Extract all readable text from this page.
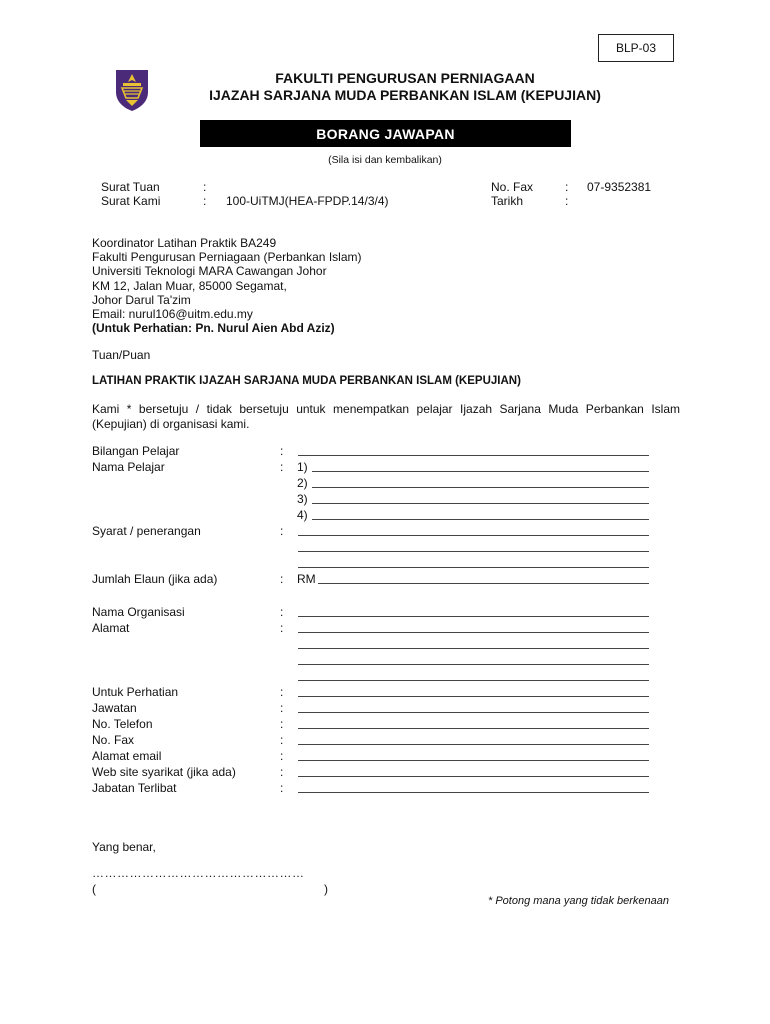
BLP-03
FAKULTI PENGURUSAN PERNIAGAAN
IJAZAH SARJANA MUDA PERBANKAN ISLAM (KEPUJIAN)
BORANG JAWAPAN
(Sila isi dan kembalikan)
Surat Tuan	:
Surat Kami	: 100-UiTMJ(HEA-FPDP.14/3/4)
No. Fax	: 07-9352381
Tarikh	:
Koordinator Latihan Praktik BA249
Fakulti Pengurusan Perniagaan (Perbankan Islam)
Universiti Teknologi MARA Cawangan Johor
KM 12, Jalan Muar, 85000 Segamat,
Johor Darul Ta'zim
Email: nurul106@uitm.edu.my
(Untuk Perhatian: Pn. Nurul Aien Abd Aziz)
Tuan/Puan
LATIHAN PRAKTIK IJAZAH SARJANA MUDA PERBANKAN ISLAM (KEPUJIAN)
Kami * bersetuju / tidak bersetuju untuk menempatkan pelajar Ijazah Sarjana Muda Perbankan Islam (Kepujian) di organisasi kami.
Bilangan Pelajar	:
Nama Pelajar	: 1)
2)
3)
4)
Syarat / penerangan	:
Jumlah Elaun (jika ada)	: RM
Nama Organisasi	:
Alamat	:
Untuk Perhatian	:
Jawatan	:
No. Telefon	:
No. Fax	:
Alamat email	:
Web site syarikat (jika ada)	:
Jabatan Terlibat	:
Yang benar,
……………………………………………
(	)
* Potong mana yang tidak berkenaan
